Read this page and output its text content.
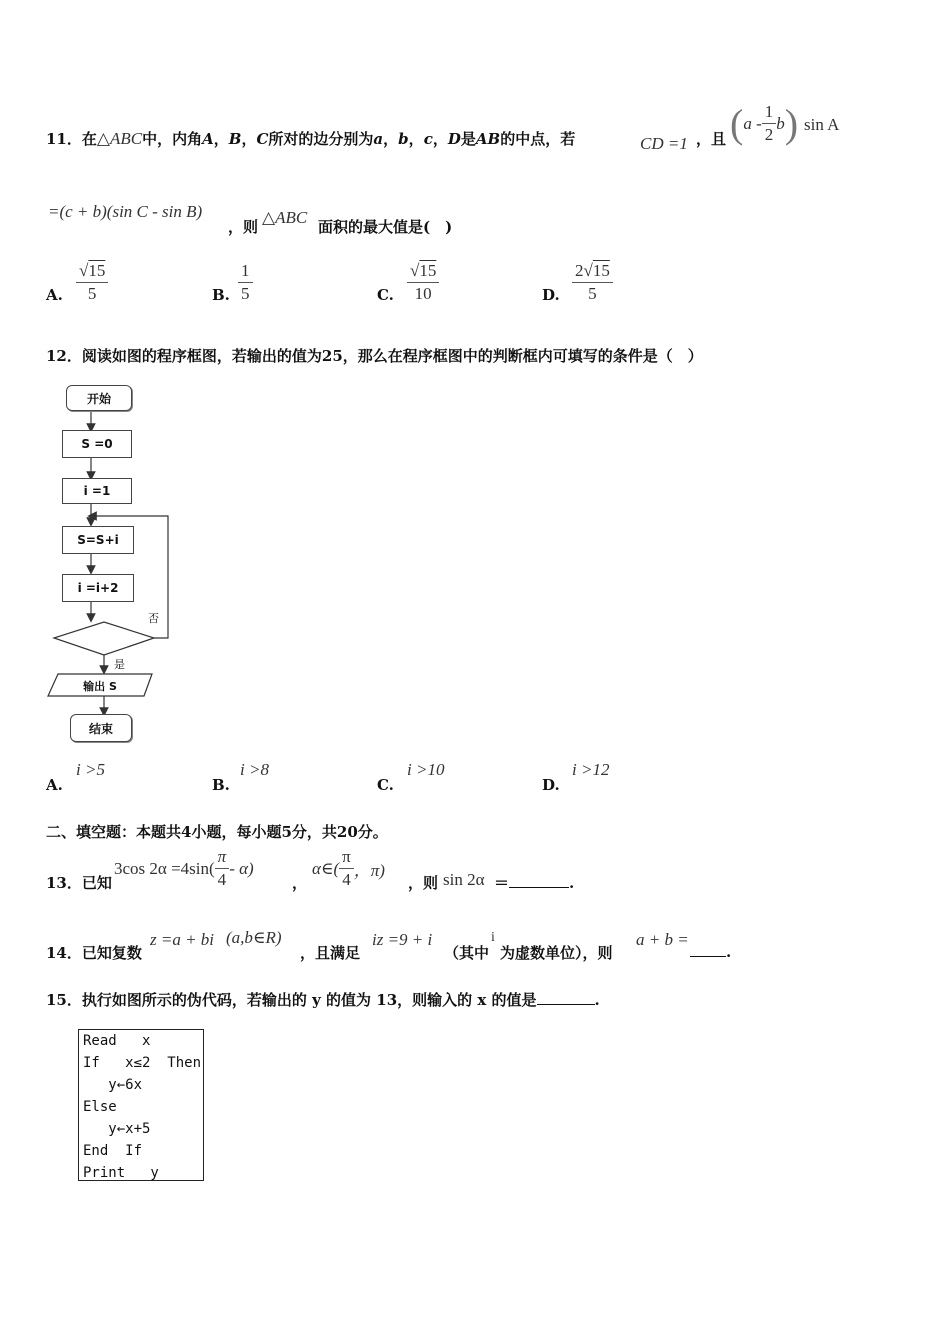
11．在△ABC中，内角A，B，C所对的边分别为a，b，c，D是AB的中点，若	CD =1 ，且 ( a - $\frac{1}{2}$ b ) sin A
=(c + b)(sin C - sin B)
，则 △ABC 面积的最大值是(　)
A. $\frac{√15}{5}$	B. $\frac{1}{5}$	C. $\frac{√15}{10}$	D. $\frac{2√15}{5}$
12．阅读如图的程序框图，若输出的值为25，那么在程序框图中的判断框内可填写的条件是（　）
开始
S =0
i =1
S=S+i
i =i+2
否
是
输出 S
结束
A.
i >5
B.
i >8
C.
i >10
D.
i >12
二、填空题：本题共4小题，每小题5分，共20分。
13．已知
3cos $2\alpha =4\sin( \frac{\pi}{4} - \alpha)$
，
α∈( $\frac{\pi}{4}$ ，π)
，则 sin 2α ＝	.
14．已知复数
z =a + bi (a,b∈R)
，且满足
iz =9 + i
（其中
i
为虚数单位），则
a + b =
.
15．执行如图所示的伪代码，若输出的 y 的值为 13，则输入的 x 的值是	.
Read   x
If   x≤2  Then
y←6x
Else
y←x+5
End  If
Print   y
